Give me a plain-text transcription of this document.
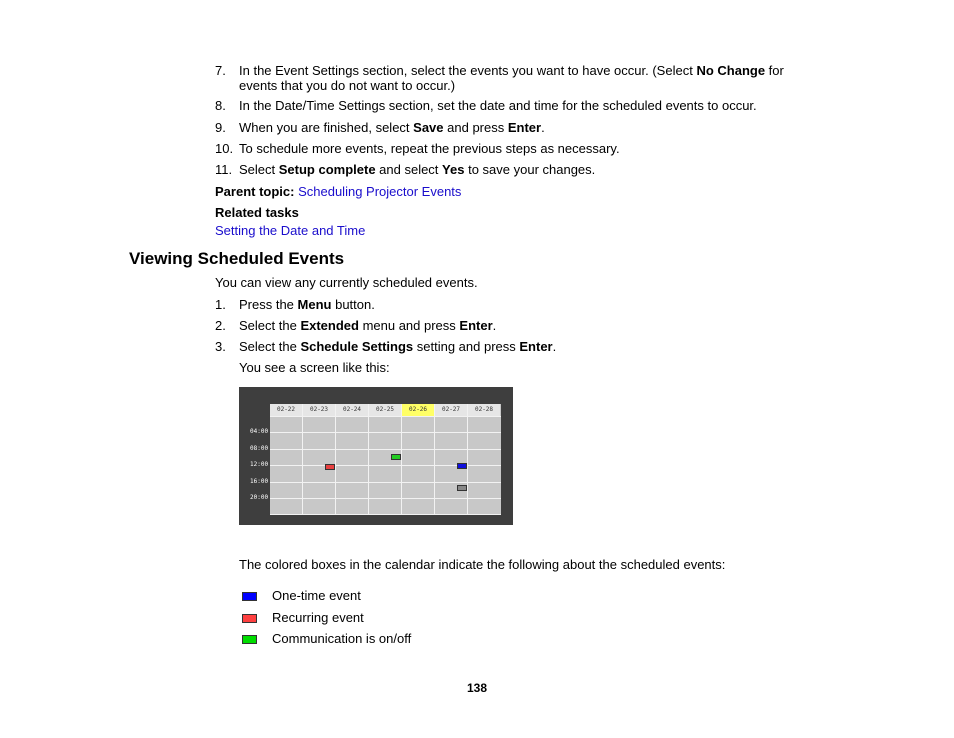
7. In the Event Settings section, select the events you want to have occur. (Select No Change for
events that you do not want to occur.)
8. In the Date/Time Settings section, set the date and time for the scheduled events to occur.
9. When you are finished, select Save and press Enter.
10. To schedule more events, repeat the previous steps as necessary.
11. Select Setup complete and select Yes to save your changes.
Parent topic: Scheduling Projector Events
Related tasks
Setting the Date and Time
Viewing Scheduled Events
You can view any currently scheduled events.
1. Press the Menu button.
2. Select the Extended menu and press Enter.
3. Select the Schedule Settings setting and press Enter.
You see a screen like this:
02-22	02-23	02-24	02-25	02-26	02-27	02-28
04:00
08:00
12:00
16:00
20:00
The colored boxes in the calendar indicate the following about the scheduled events:
One-time event
Recurring event
Communication is on/off
138
